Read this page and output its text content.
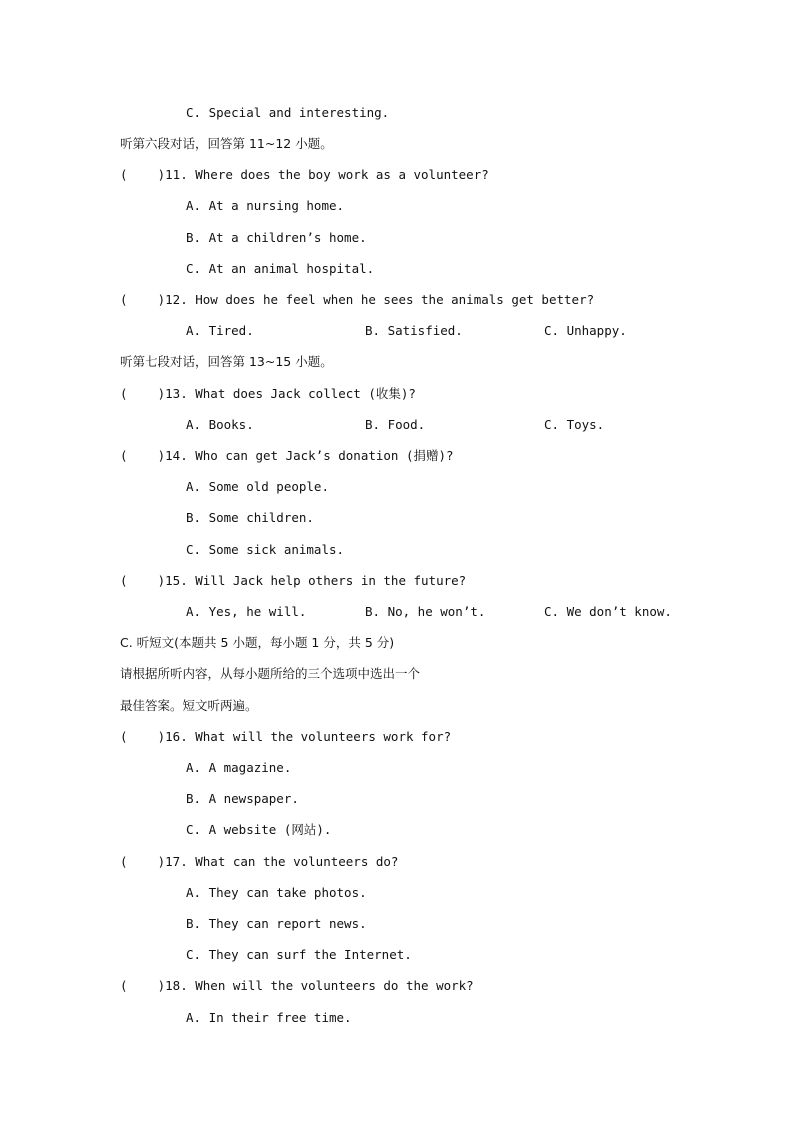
C. Special and interesting.
听第六段对话，回答第 11~12 小题。
(    )11. Where does the boy work as a volunteer?
A. At a nursing home.
B. At a children’s home.
C. At an animal hospital.
(    )12. How does he feel when he sees the animals get better?
A. Tired.	B. Satisfied.	C. Unhappy.
听第七段对话，回答第 13~15 小题。
(    )13. What does Jack collect (收集)?
A. Books.	B. Food.	C. Toys.
(    )14. Who can get Jack’s donation (捐赠)?
A. Some old people.
B. Some children.
C. Some sick animals.
(    )15. Will Jack help others in the future?
A. Yes, he will.	B. No, he won’t.	C. We don’t know.
C. 听短文(本题共 5 小题，每小题 1 分，共 5 分)
请根据所听内容，从每小题所给的三个选项中选出一个
最佳答案。短文听两遍。
(    )16. What will the volunteers work for?
A. A magazine.
B. A newspaper.
C. A website (网站).
(    )17. What can the volunteers do?
A. They can take photos.
B. They can report news.
C. They can surf the Internet.
(    )18. When will the volunteers do the work?
A. In their free time.
